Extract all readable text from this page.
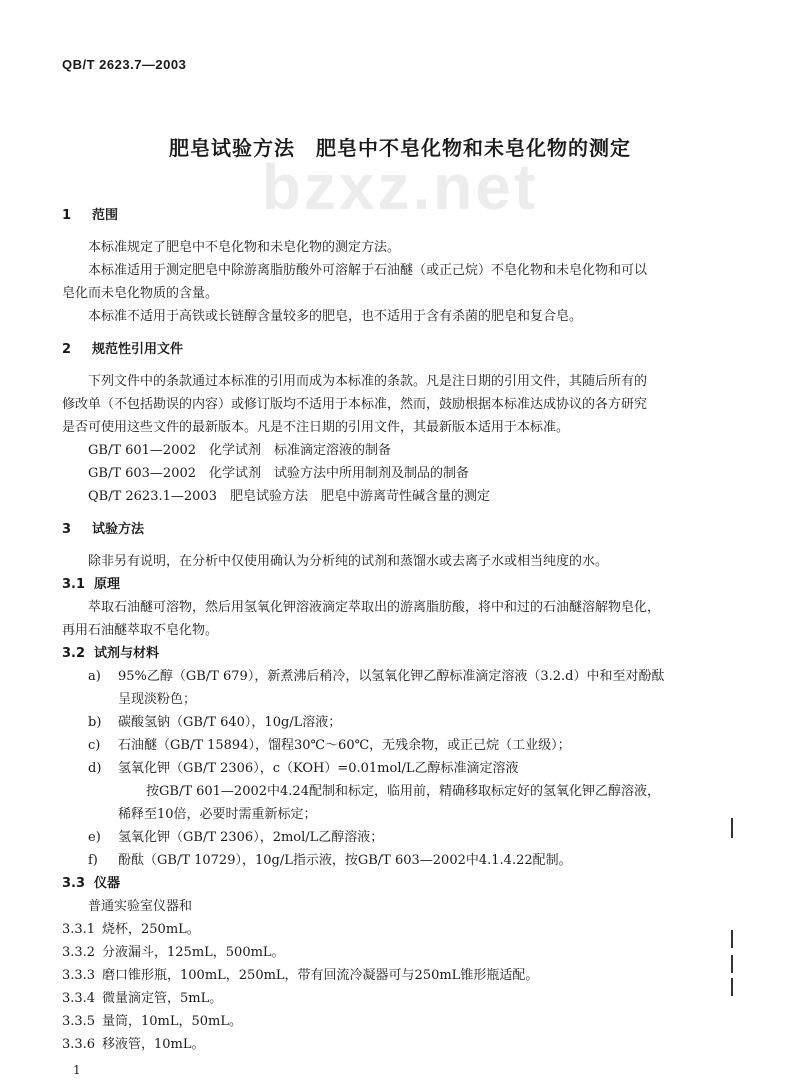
QB/T 2623.7—2003
bzxz.net
肥皂试验方法　肥皂中不皂化物和未皂化物的测定
1 范围
本标准规定了肥皂中不皂化物和未皂化物的测定方法。
本标准适用于测定肥皂中除游离脂肪酸外可溶解于石油醚（或正己烷）不皂化物和未皂化物和可以
皂化而未皂化物质的含量。
本标准不适用于高铁或长链醇含量较多的肥皂，也不适用于含有杀菌的肥皂和复合皂。
2 规范性引用文件
下列文件中的条款通过本标准的引用而成为本标准的条款。凡是注日期的引用文件，其随后所有的
修改单（不包括勘误的内容）或修订版均不适用于本标准，然而，鼓励根据本标准达成协议的各方研究
是否可使用这些文件的最新版本。凡是不注日期的引用文件，其最新版本适用于本标准。
GB/T 601—2002　化学试剂　标准滴定溶液的制备
GB/T 603—2002　化学试剂　试验方法中所用制剂及制品的制备
QB/T 2623.1—2003　肥皂试验方法　肥皂中游离苛性碱含量的测定
3 试验方法
除非另有说明，在分析中仅使用确认为分析纯的试剂和蒸馏水或去离子水或相当纯度的水。
3.1 原理
萃取石油醚可溶物，然后用氢氧化钾溶液滴定萃取出的游离脂肪酸，将中和过的石油醚溶解物皂化，
再用石油醚萃取不皂化物。
3.2 试剂与材料
a) 95%乙醇（GB/T 679），新煮沸后稍冷，以氢氧化钾乙醇标准滴定溶液（3.2.d）中和至对酚酞
呈现淡粉色；
b) 碳酸氢钠（GB/T 640），10g/L溶液；
c) 石油醚（GB/T 15894），馏程30℃～60℃，无残余物，或正己烷（工业级）；
d) 氢氧化钾（GB/T 2306），c（KOH）=0.01mol/L乙醇标准滴定溶液
按GB/T 601—2002中4.24配制和标定，临用前，精确移取标定好的氢氧化钾乙醇溶液，
稀释至10倍，必要时需重新标定；
e) 氢氧化钾（GB/T 2306），2mol/L乙醇溶液；
f) 酚酞（GB/T 10729），10g/L指示液，按GB/T 603—2002中4.1.4.22配制。
3.3 仪器
普通实验室仪器和
3.3.1 烧杯，250mL。
3.3.2 分液漏斗，125mL，500mL。
3.3.3 磨口锥形瓶，100mL，250mL，带有回流冷凝器可与250mL锥形瓶适配。
3.3.4 微量滴定管，5mL。
3.3.5 量筒，10mL，50mL。
3.3.6 移液管，10mL。
1
